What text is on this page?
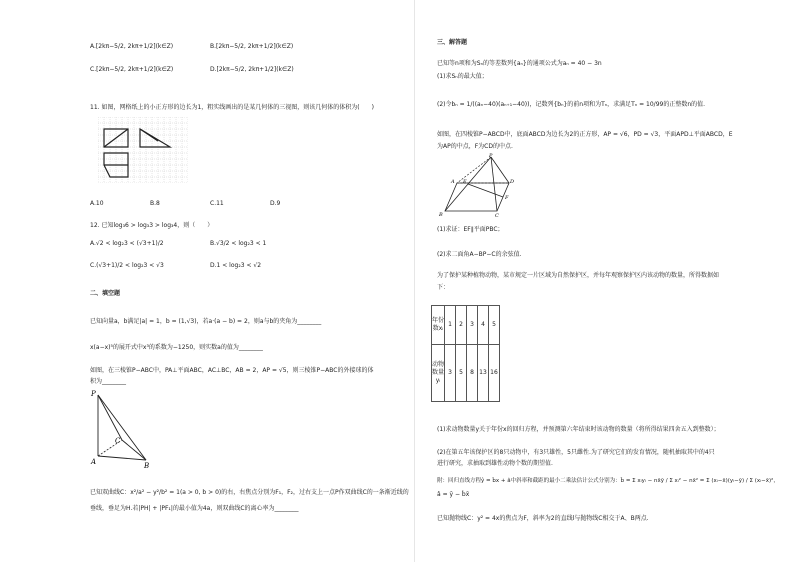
A.[2kπ−5/2, 2kπ+1/2](k∈Z)	B.[2kπ−5/2, 2kπ+1/2](k∈Z)
C.[2kπ−5/2, 2kπ+1/2](k∈Z)	D.[2kπ−5/2, 2kπ+1/2](k∈Z)
11. 如图，网格纸上的小正方形的边长为1，粗实线画出的是某几何体的三视图，则该几何体的体积为(　　)
A.10	B.8	C.11	D.9
12. 已知log₃6 > log₃3 > log₃4，则（　　）
A.√2 < log₂3 < (√3+1)/2	B.√3/2 < log₂3 < 1
C.(√3+1)/2 < log₂3 < √3	D.1 < log₂3 < √2
二、填空题
已知向量a，b满足|a| = 1，b = (1,√3)，若a·(a − b) = 2，则a与b的夹角为________
x(a−x)⁵的展开式中x³的系数为−1250，则实数a的值为________
如图，在三棱锥P−ABC中，PA⊥平面ABC，AC⊥BC，AB = 2，AP = √5，则三棱锥P−ABC的外接球的体
积为________
P
A	B
C
已知双曲线C：x²/a² − y²/b² = 1(a > 0, b > 0)的右，右焦点分别为F₁，F₂，过右支上一点P作双曲线C的一条渐近线的
垂线，垂足为H.若|PH| + |PF₁|的最小值为4a，则双曲线C的离心率为________
三、解答题
已知等n项和为Sₙ的等差数列{aₙ}的通项公式为aₙ = 40 − 3n
(1)求Sₙ的最大值；
(2)令bₙ = 1/((aₙ−40)(aₙ₊₁−40))，记数列{bₙ}的前n项和为Tₙ，求满足Tₙ = 10/99的正整数n的值.
如图，在四棱锥P−ABCD中，底面ABCD为边长为2的正方形，AP = √6，PD = √3，平面APD⊥平面ABCD，E
为AP的中点，F为CD的中点.
P
A
B	C
D
E
F
(1)求证：EF∥平面PBC；
(2)求二面角A−BP−C的余弦值.
为了保护某种植物动物，某市规定一片区域为自然保护区，并每年观察保护区内该动物的数量，所得数据如
下：
年份数xᵢ	1	2	3	4	5
动物数量yᵢ	3	5	8	13	16
(1)求动物数量y关于年份x的回归方程，并预测第六年结束时该动物的数量（将所得结果四舍五入到整数）；
(2)在第五年该保护区的8只动物中，有3只雄性，5只雌性.为了研究它们的发育情况，随机抽取其中的4只
进行研究，求抽取到雄性动物个数的期望值.
附：回归直线方程ŷ = b̂x + â中斜率和截距的最小二乘法估计公式分别为：b̂ = Σ xᵢyᵢ − nx̄ȳ / Σ xᵢ² − nx̄² = Σ (xᵢ−x̄)(yᵢ−ȳ) / Σ (xᵢ−x̄)²，
â = ȳ − b̂x̄
已知抛物线C：y² = 4x的焦点为F，斜率为2的直线l与抛物线C相交于A、B两点.
